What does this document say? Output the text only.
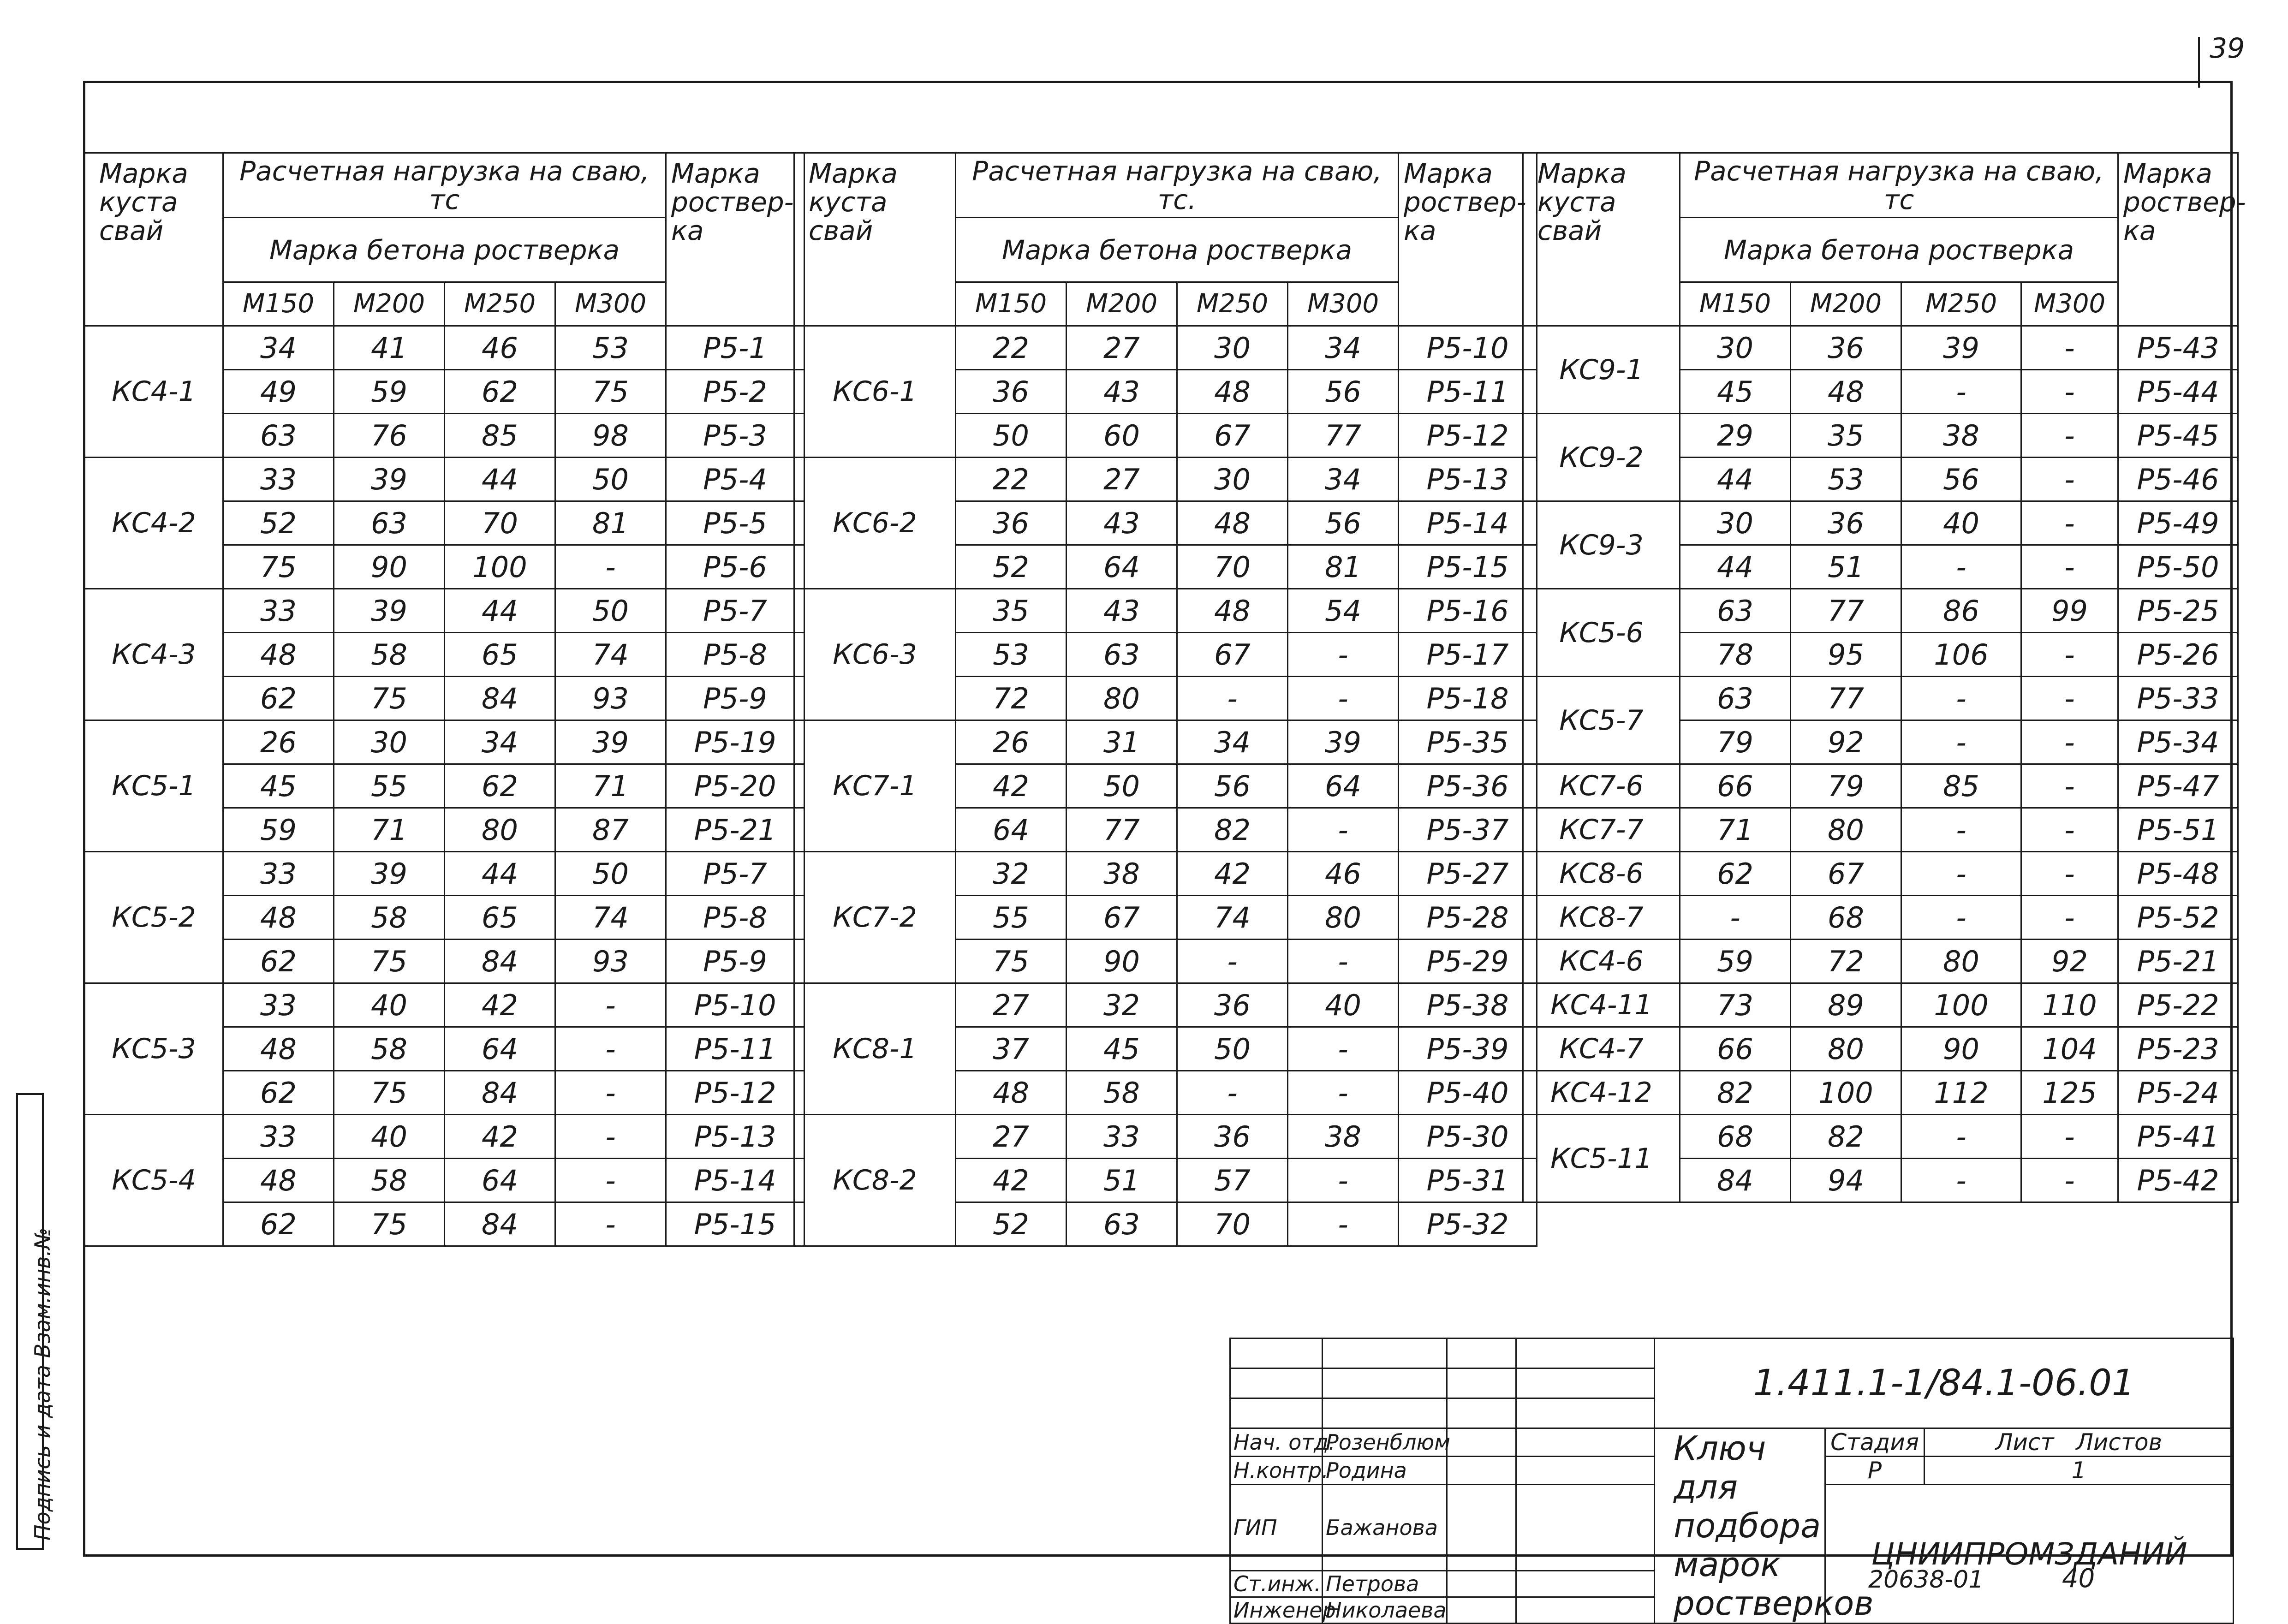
39
Марка куста свай	Расчетная нагрузка на сваю, тс				Марка роствер-ка
	Марка бетона ростверка				
	M150	M200	M250	M300	
КС4-1	34	41	46	53	Р5-1
	49	59	62	75	Р5-2
	63	76	85	98	Р5-3
КС4-2	33	39	44	50	Р5-4
	52	63	70	81	Р5-5
	75	90	100	-	Р5-6
КС4-3	33	39	44	50	Р5-7
	48	58	65	74	Р5-8
	62	75	84	93	Р5-9
КС5-1	26	30	34	39	Р5-19
	45	55	62	71	Р5-20
	59	71	80	87	Р5-21
КС5-2	33	39	44	50	Р5-7
	48	58	65	74	Р5-8
	62	75	84	93	Р5-9
КС5-3	33	40	42	-	Р5-10
	48	58	64	-	Р5-11
	62	75	84	-	Р5-12
КС5-4	33	40	42	-	Р5-13
	48	58	64	-	Р5-14
	62	75	84	-	Р5-15
Марка куста свай	Расчетная нагрузка на сваю, тс.				Марка роствер-ка
	Марка бетона ростверка				
	M150	M200	M250	M300	
КС6-1	22	27	30	34	Р5-10
	36	43	48	56	Р5-11
	50	60	67	77	Р5-12
КС6-2	22	27	30	34	Р5-13
	36	43	48	56	Р5-14
	52	64	70	81	Р5-15
КС6-3	35	43	48	54	Р5-16
	53	63	67	-	Р5-17
	72	80	-	-	Р5-18
КС7-1	26	31	34	39	Р5-35
	42	50	56	64	Р5-36
	64	77	82	-	Р5-37
КС7-2	32	38	42	46	Р5-27
	55	67	74	80	Р5-28
	75	90	-	-	Р5-29
КС8-1	27	32	36	40	Р5-38
	37	45	50	-	Р5-39
	48	58	-	-	Р5-40
КС8-2	27	33	36	38	Р5-30
	42	51	57	-	Р5-31
	52	63	70	-	Р5-32
Марка куста свай	Расчетная нагрузка на сваю, тс				Марка роствер-ка
	Марка бетона ростверка				
	M150	M200	M250	M300	
КС9-1	30	36	39	-	Р5-43
	45	48	-	-	Р5-44
КС9-2	29	35	38	-	Р5-45
	44	53	56	-	Р5-46
КС9-3	30	36	40	-	Р5-49
	44	51	-	-	Р5-50
КС5-6	63	77	86	99	Р5-25
	78	95	106	-	Р5-26
КС5-7	63	77	-	-	Р5-33
	79	92	-	-	Р5-34
КС7-6	66	79	85	-	Р5-47
КС7-7	71	80	-	-	Р5-51
КС8-6	62	67	-	-	Р5-48
КС8-7	-	68	-	-	Р5-52
КС4-6	59	72	80	92	Р5-21
КС4-11	73	89	100	110	Р5-22
КС4-7	66	80	90	104	Р5-23
КС4-12	82	100	112	125	Р5-24
КС5-11	68	82	-	-	Р5-41
	84	94	-	-	Р5-42
Подпись и дата Взам.инв.№
					1.411.1-1/84.1-06.01		

Нач. отд.	Розенблюм			Ключ для подбора марок ростверков	Стадия	Лист Листов
Н.контр.	Родина				Р	1
ГИП	Бажанова				ЦНИИПРОМЗДАНИЙ	
Ст.инж.	Петрова					
Инженер	Николаева					
20638-01	40
